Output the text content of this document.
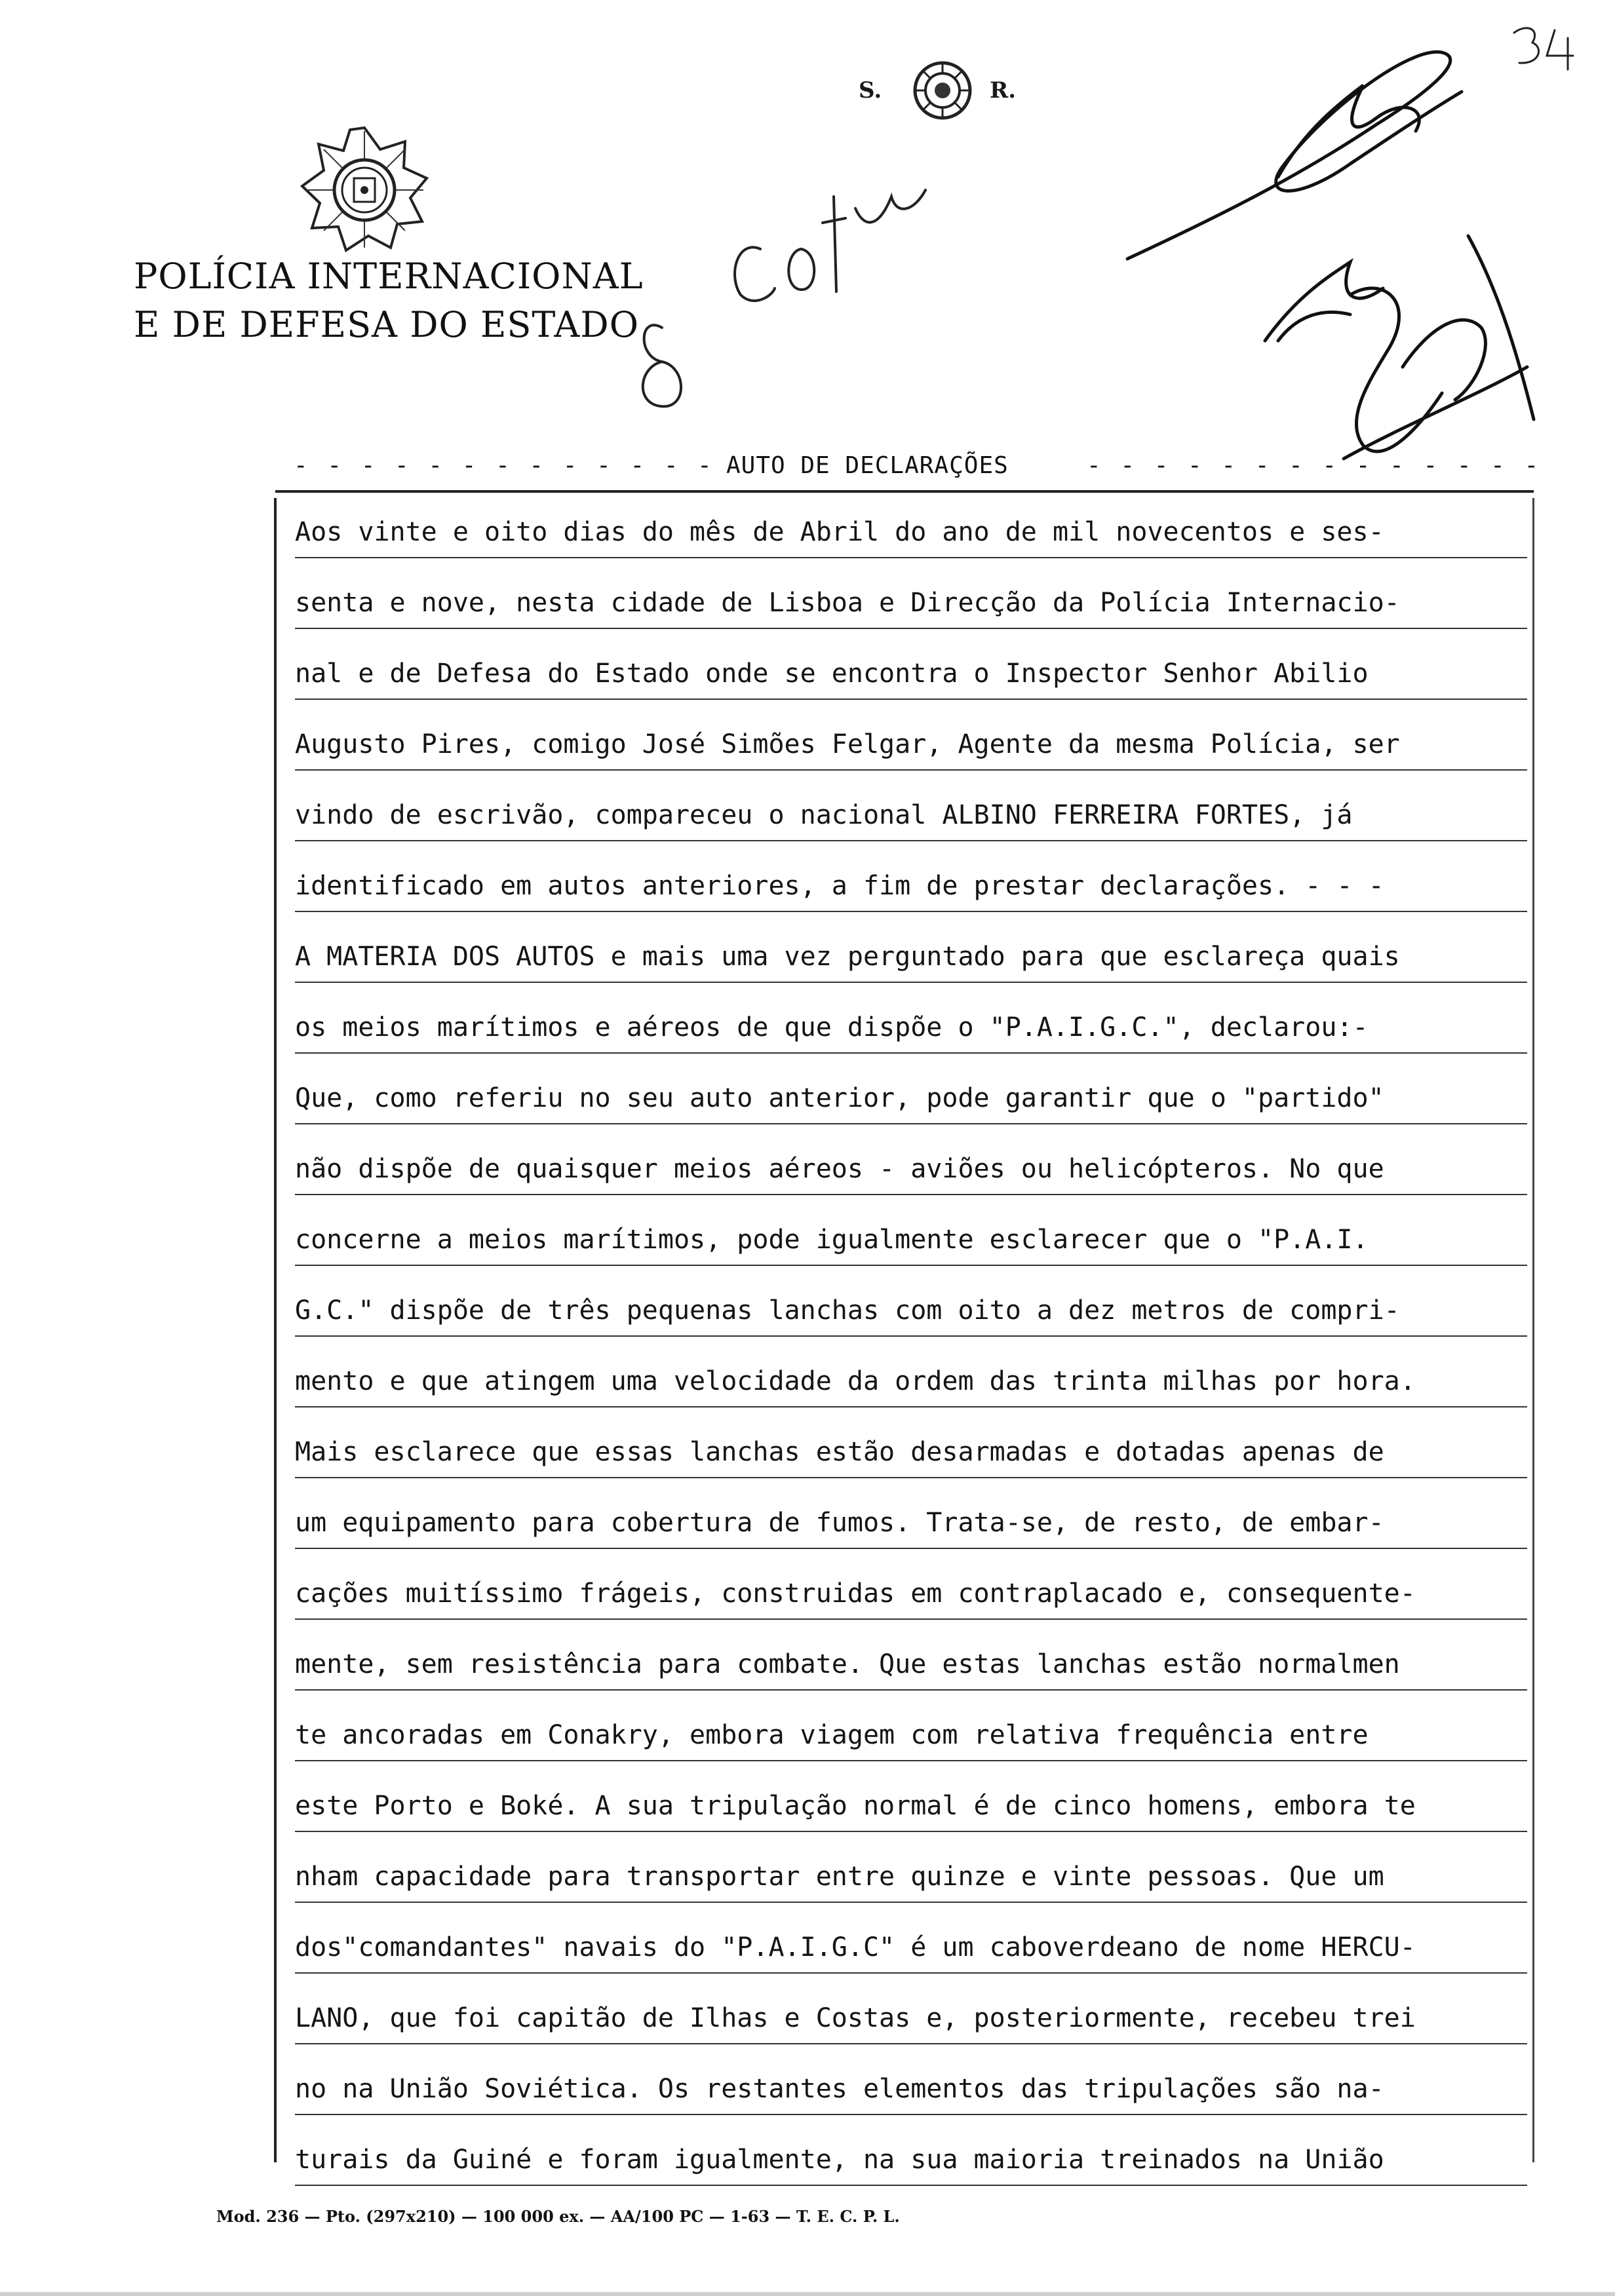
S.	R.
POLÍCIA INTERNACIONAL
E DE DEFESA DO ESTADO
- - - - - - - - - - - - - AUTO DE DECLARAÇÕES	- - - - - - - - - - - - - -
Aos vinte e oito dias do mês de Abril do ano de mil novecentos e ses-
senta e nove, nesta cidade de Lisboa e Direcção da Polícia Internacio-
nal e de Defesa do Estado onde se encontra o Inspector Senhor Abilio
Augusto Pires, comigo José Simões Felgar, Agente da mesma Polícia, ser
vindo de escrivão, compareceu o nacional ALBINO FERREIRA FORTES, já
identificado em autos anteriores, a fim de prestar declarações. - - -
A MATERIA DOS AUTOS e mais uma vez perguntado para que esclareça quais
os meios marítimos e aéreos de que dispõe o "P.A.I.G.C.", declarou:-
Que, como referiu no seu auto anterior, pode garantir que o "partido"
não dispõe de quaisquer meios aéreos - aviões ou helicópteros. No que
concerne a meios marítimos, pode igualmente esclarecer que o "P.A.I.
G.C." dispõe de três pequenas lanchas com oito a dez metros de compri-
mento e que atingem uma velocidade da ordem das trinta milhas por hora.
Mais esclarece que essas lanchas estão desarmadas e dotadas apenas de
um equipamento para cobertura de fumos. Trata-se, de resto, de embar-
cações muitíssimo frágeis, construidas em contraplacado e, consequente-
mente, sem resistência para combate. Que estas lanchas estão normalmen
te ancoradas em Conakry, embora viagem com relativa frequência entre
este Porto e Boké. A sua tripulação normal é de cinco homens, embora te
nham capacidade para transportar entre quinze e vinte pessoas. Que um
dos"comandantes" navais do "P.A.I.G.C" é um caboverdeano de nome HERCU-
LANO, que foi capitão de Ilhas e Costas e, posteriormente, recebeu trei
no na União Soviética. Os restantes elementos das tripulações são na-
turais da Guiné e foram igualmente, na sua maioria treinados na União
Mod. 236 — Pto. (297x210) — 100 000 ex. — AA/100 PC — 1-63 — T. E. C. P. L.
